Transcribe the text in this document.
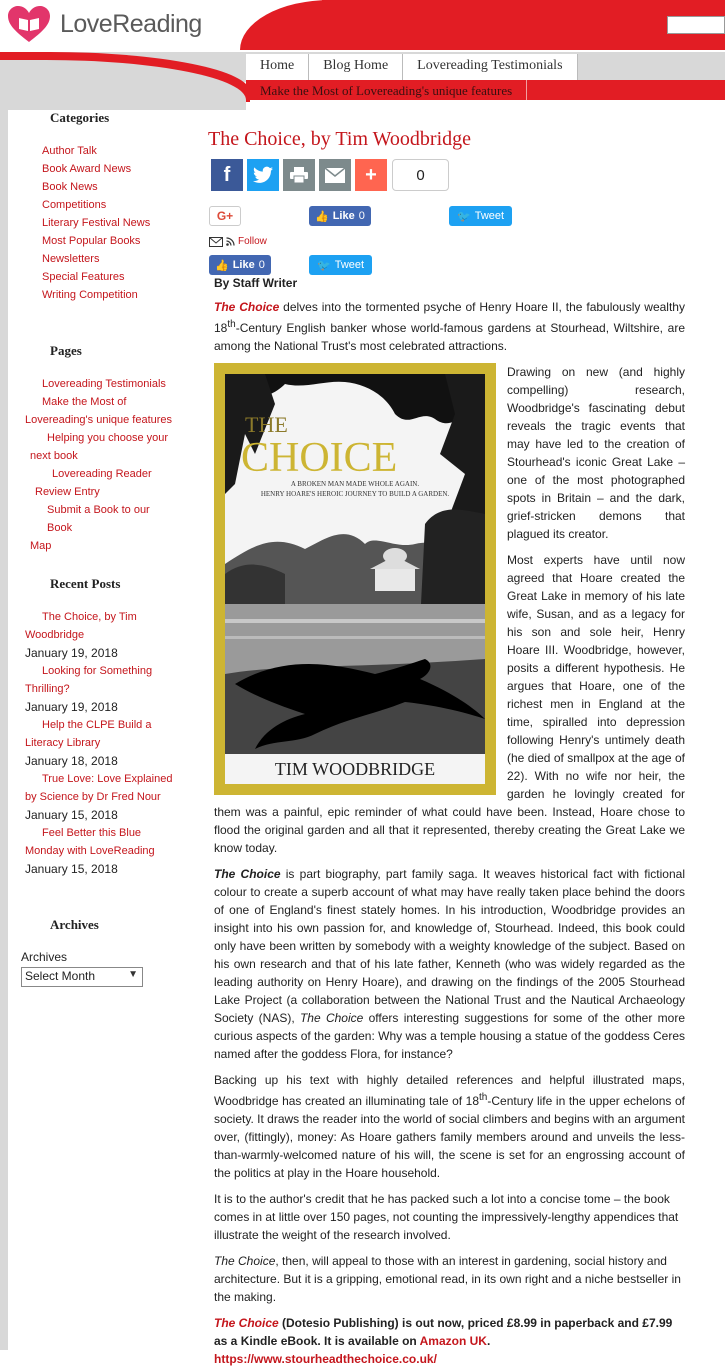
LoveReading
Home	Blog Home	Lovereading Testimonials
Make the Most of Lovereading's unique features
Categories
Author Talk
Book Award News
Book News
Competitions
Literary Festival News
Most Popular Books
Newsletters
Special Features
Writing Competition
Pages
Lovereading Testimonials
Make the Most of
Lovereading's unique features
Helping you choose your
next book
Lovereading Reader
Review Entry
Submit a Book to our Book
Map
Recent Posts
The Choice, by Tim
Woodbridge
January 19, 2018
Looking for Something
Thrilling?
January 19, 2018
Help the CLPE Build a
Literacy Library
January 18, 2018
True Love: Love Explained
by Science by Dr Fred Nour
January 15, 2018
Feel Better this Blue
Monday with LoveReading
January 15, 2018
Archives
Archives
Select Month	▼
The Choice, by Tim Woodbridge
f	+	0
G+	👍 Like 0	🐦 Tweet
Follow
👍 Like 0	🐦 Tweet
By Staff Writer

The Choice delves into the tormented psyche of Henry Hoare II, the fabulously wealthy 18th-Century English banker whose world-famous gardens at Stourhead, Wiltshire, are among the National Trust's most celebrated attractions.

THE
CHOICE
A BROKEN MAN MADE WHOLE AGAIN.
HENRY HOARE'S HEROIC JOURNEY TO BUILD A GARDEN.
TIM WOODBRIDGE

Drawing on new (and highly compelling) research, Woodbridge's fascinating debut reveals the tragic events that may have led to the creation of Stourhead's iconic Great Lake – one of the most photographed spots in Britain – and the dark, grief-stricken demons that plagued its creator.

Most experts have until now agreed that Hoare created the Great Lake in memory of his late wife, Susan, and as a legacy for his son and sole heir, Henry Hoare III. Woodbridge, however, posits a different hypothesis. He argues that Hoare, one of the richest men in England at the time, spiralled into depression following Henry's untimely death (he died of smallpox at the age of 22). With no wife nor heir, the garden he lovingly created for them was a painful, epic reminder of what could have been. Instead, Hoare chose to flood the original garden and all that it represented, thereby creating the Great Lake we know today.

The Choice is part biography, part family saga. It weaves historical fact with fictional colour to create a superb account of what may have really taken place behind the doors of one of England's finest stately homes. In his introduction, Woodbridge provides an insight into his own passion for, and knowledge of, Stourhead. Indeed, this book could only have been written by somebody with a weighty knowledge of the subject. Based on his own research and that of his late father, Kenneth (who was widely regarded as the leading authority on Henry Hoare), and drawing on the findings of the 2005 Stourhead Lake Project (a collaboration between the National Trust and the Nautical Archaeology Society (NAS), The Choice offers interesting suggestions for some of the other more curious aspects of the garden: Why was a temple housing a statue of the goddess Ceres named after the goddess Flora, for instance?

Backing up his text with highly detailed references and helpful illustrated maps, Woodbridge has created an illuminating tale of 18th-Century life in the upper echelons of society. It draws the reader into the world of social climbers and begins with an argument over, (fittingly), money: As Hoare gathers family members around and unveils the less-than-warmly-welcomed nature of his will, the scene is set for an engrossing account of the politics at play in the Hoare household.

It is to the author's credit that he has packed such a lot into a concise tome – the book comes in at little over 150 pages, not counting the impressively-lengthy appendices that illustrate the weight of the research involved.

The Choice, then, will appeal to those with an interest in gardening, social history and architecture. But it is a gripping, emotional read, in its own right and a niche bestseller in the making.

The Choice (Dotesio Publishing) is out now, priced £8.99 in paperback and £7.99 as a Kindle eBook. It is available on Amazon UK.

https://www.stourheadthechoice.co.uk/
